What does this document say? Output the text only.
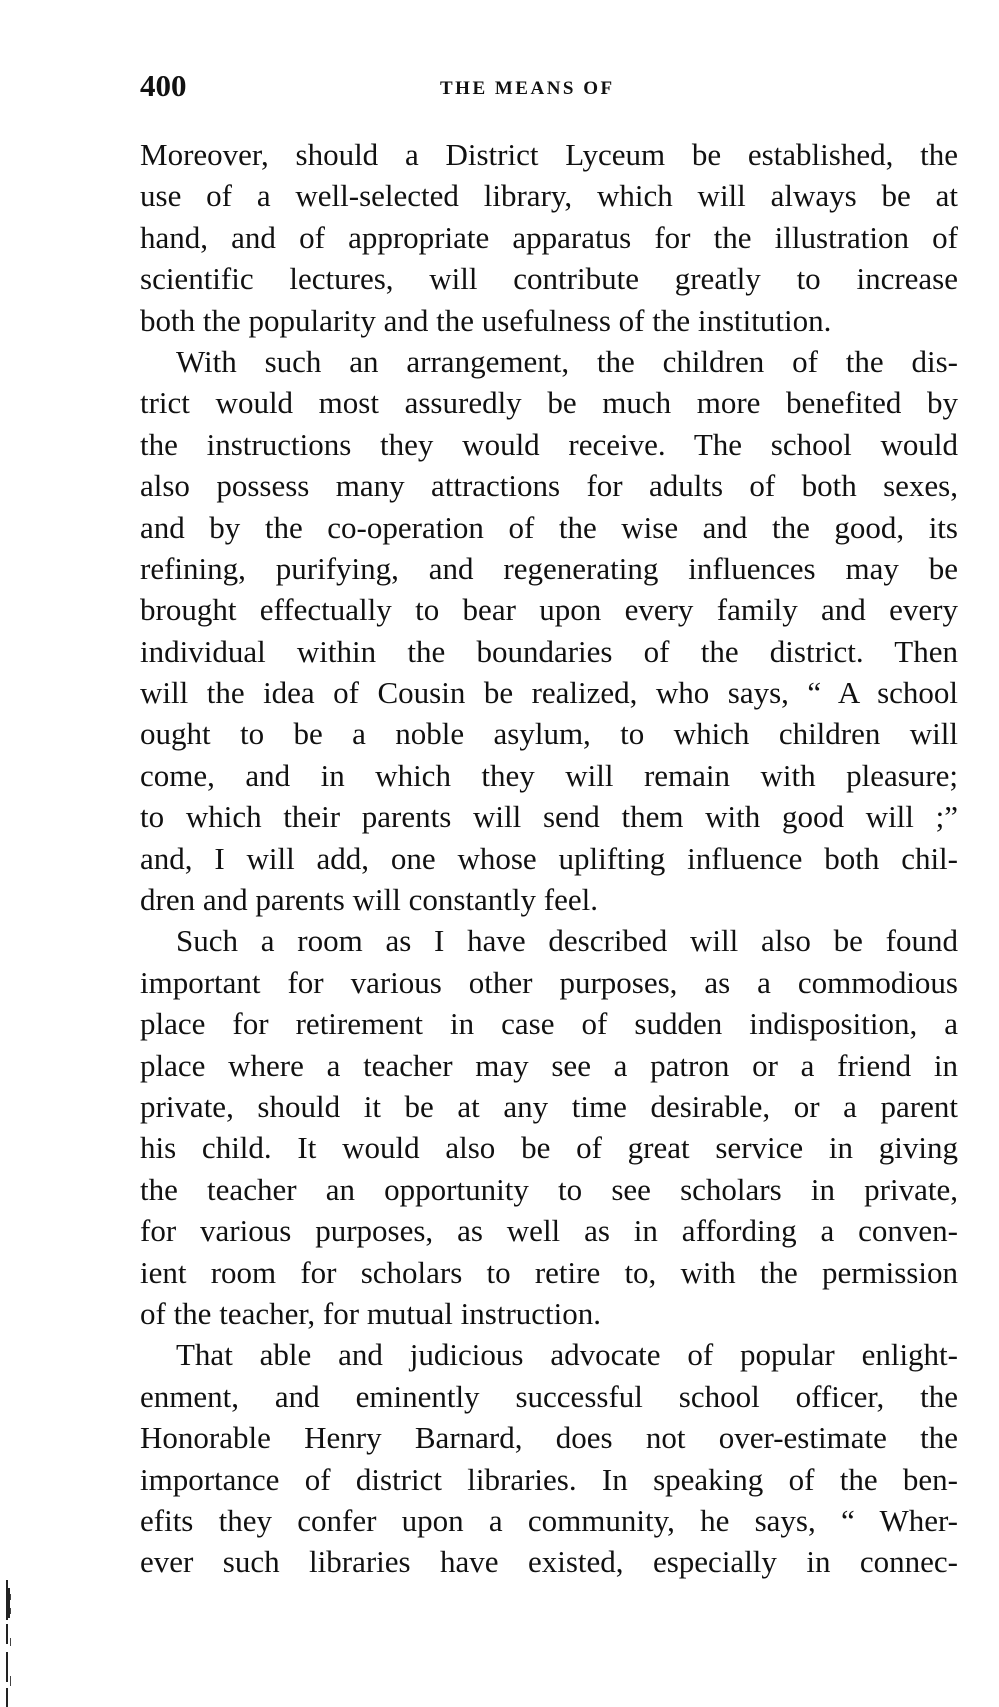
400	THE MEANS OF
Moreover, should a District Lyceum be established, the
use of a well-selected library, which will always be at
hand, and of appropriate apparatus for the illustration of
scientific lectures, will contribute greatly to increase
both the popularity and the usefulness of the institution.
With such an arrangement, the children of the dis-
trict would most assuredly be much more benefited by
the instructions they would receive. The school would
also possess many attractions for adults of both sexes,
and by the co-operation of the wise and the good, its
refining, purifying, and regenerating influences may be
brought effectually to bear upon every family and every
individual within the boundaries of the district. Then
will the idea of Cousin be realized, who says, “ A school
ought to be a noble asylum, to which children will
come, and in which they will remain with pleasure;
to which their parents will send them with good will ;”
and, I will add, one whose uplifting influence both chil-
dren and parents will constantly feel.
Such a room as I have described will also be found
important for various other purposes, as a commodious
place for retirement in case of sudden indisposition, a
place where a teacher may see a patron or a friend in
private, should it be at any time desirable, or a parent
his child. It would also be of great service in giving
the teacher an opportunity to see scholars in private,
for various purposes, as well as in affording a conven-
ient room for scholars to retire to, with the permission
of the teacher, for mutual instruction.
That able and judicious advocate of popular enlight-
enment, and eminently successful school officer, the
Honorable Henry Barnard, does not over-estimate the
importance of district libraries. In speaking of the ben-
efits they confer upon a community, he says, “ Wher-
ever such libraries have existed, especially in connec-
